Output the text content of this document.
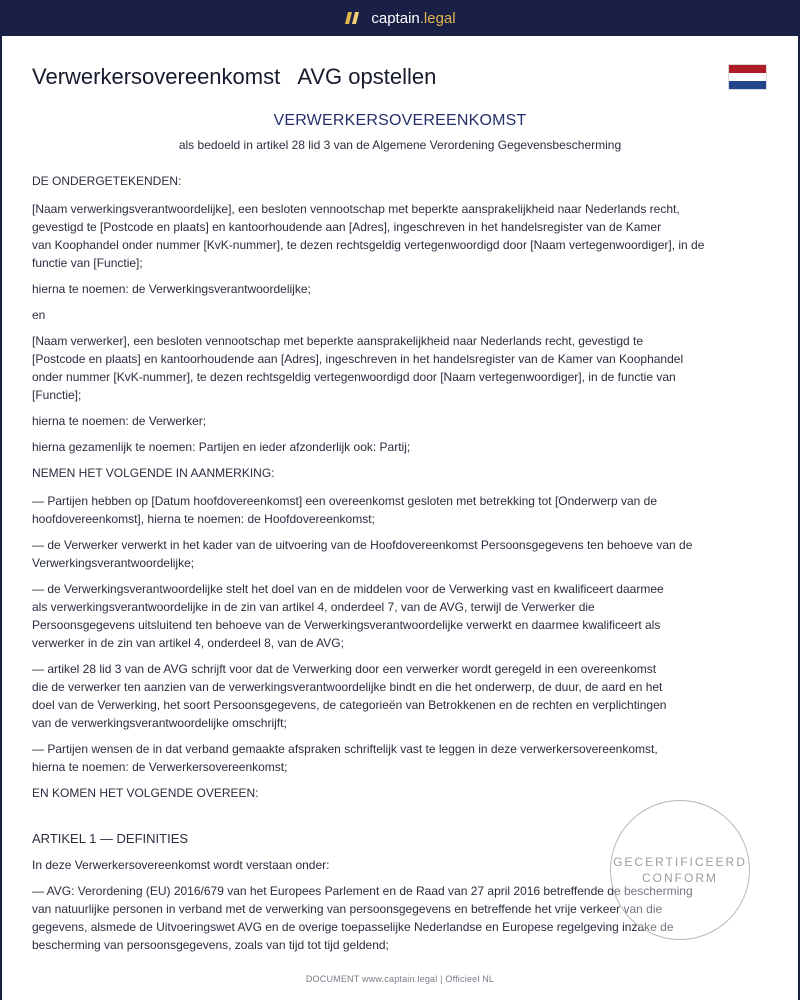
captain.legal
Verwerkersovereenkomst   AVG opstellen
VERWERKERSOVEREENKOMST
als bedoeld in artikel 28 lid 3 van de Algemene Verordening Gegevensbescherming

DE ONDERGETEKENDEN:

[Naam verwerkingsverantwoordelijke], een besloten vennootschap met beperkte aansprakelijkheid naar Nederlands recht,
gevestigd te [Postcode en plaats] en kantoorhoudende aan [Adres], ingeschreven in het handelsregister van de Kamer
van Koophandel onder nummer [KvK-nummer], te dezen rechtsgeldig vertegenwoordigd door [Naam vertegenwoordiger], in de
functie van [Functie];

hierna te noemen: de Verwerkingsverantwoordelijke;

en

[Naam verwerker], een besloten vennootschap met beperkte aansprakelijkheid naar Nederlands recht, gevestigd te
[Postcode en plaats] en kantoorhoudende aan [Adres], ingeschreven in het handelsregister van de Kamer van Koophandel
onder nummer [KvK-nummer], te dezen rechtsgeldig vertegenwoordigd door [Naam vertegenwoordiger], in de functie van
[Functie];

hierna te noemen: de Verwerker;

hierna gezamenlijk te noemen: Partijen en ieder afzonderlijk ook: Partij;

NEMEN HET VOLGENDE IN AANMERKING:

— Partijen hebben op [Datum hoofdovereenkomst] een overeenkomst gesloten met betrekking tot [Onderwerp van de
hoofdovereenkomst], hierna te noemen: de Hoofdovereenkomst;

— de Verwerker verwerkt in het kader van de uitvoering van de Hoofdovereenkomst Persoonsgegevens ten behoeve van de
Verwerkingsverantwoordelijke;

— de Verwerkingsverantwoordelijke stelt het doel van en de middelen voor de Verwerking vast en kwalificeert daarmee
als verwerkingsverantwoordelijke in de zin van artikel 4, onderdeel 7, van de AVG, terwijl de Verwerker die
Persoonsgegevens uitsluitend ten behoeve van de Verwerkingsverantwoordelijke verwerkt en daarmee kwalificeert als
verwerker in de zin van artikel 4, onderdeel 8, van de AVG;

— artikel 28 lid 3 van de AVG schrijft voor dat de Verwerking door een verwerker wordt geregeld in een overeenkomst
die de verwerker ten aanzien van de verwerkingsverantwoordelijke bindt en die het onderwerp, de duur, de aard en het
doel van de Verwerking, het soort Persoonsgegevens, de categorieën van Betrokkenen en de rechten en verplichtingen
van de verwerkingsverantwoordelijke omschrijft;

— Partijen wensen de in dat verband gemaakte afspraken schriftelijk vast te leggen in deze verwerkersovereenkomst,
hierna te noemen: de Verwerkersovereenkomst;

EN KOMEN HET VOLGENDE OVEREEN:

ARTIKEL 1 — DEFINITIES

In deze Verwerkersovereenkomst wordt verstaan onder:

— AVG: Verordening (EU) 2016/679 van het Europees Parlement en de Raad van 27 april 2016 betreffende de bescherming
van natuurlijke personen in verband met de verwerking van persoonsgegevens en betreffende het vrije verkeer van die
gegevens, alsmede de Uitvoeringswet AVG en de overige toepasselijke Nederlandse en Europese regelgeving inzake de
bescherming van persoonsgegevens, zoals van tijd tot tijd geldend;

GECERTIFICEERD
CONFORM
DOCUMENT www.captain.legal | Officieel NL
